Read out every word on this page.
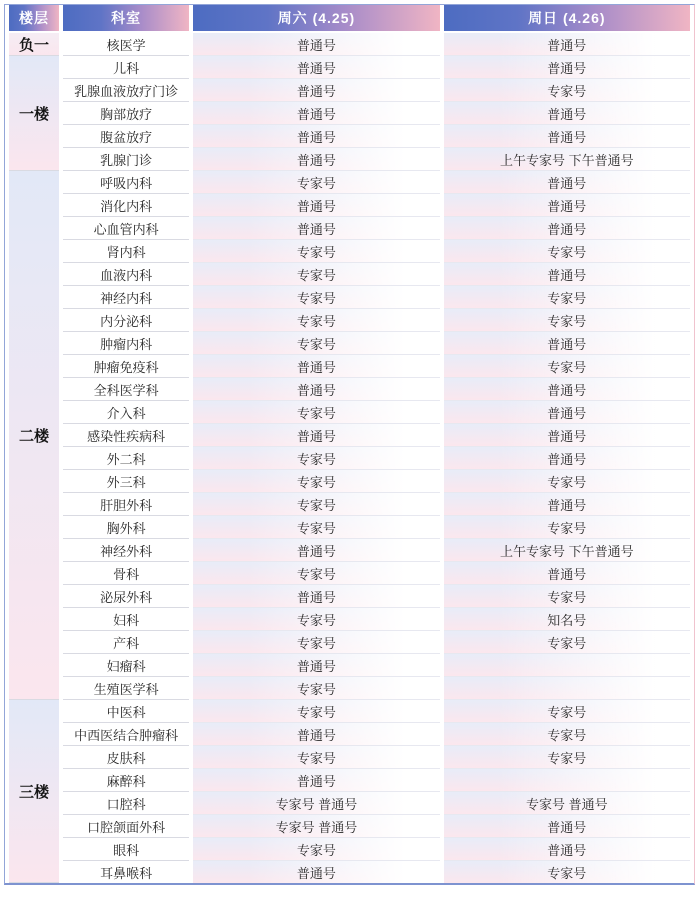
楼层	科室	周六 (4.25)	周日 (4.26)
负一	核医学	普通号	普通号
一楼	儿科	普通号	普通号
	乳腺血液放疗门诊	普通号	专家号
	胸部放疗	普通号	普通号
	腹盆放疗	普通号	普通号
	乳腺门诊	普通号	上午专家号 下午普通号
二楼	呼吸内科	专家号	普通号
	消化内科	普通号	普通号
	心血管内科	普通号	普通号
	肾内科	专家号	专家号
	血液内科	专家号	普通号
	神经内科	专家号	专家号
	内分泌科	专家号	专家号
	肿瘤内科	专家号	普通号
	肿瘤免疫科	普通号	专家号
	全科医学科	普通号	普通号
	介入科	专家号	普通号
	感染性疾病科	普通号	普通号
	外二科	专家号	普通号
	外三科	专家号	专家号
	肝胆外科	专家号	普通号
	胸外科	专家号	专家号
	神经外科	普通号	上午专家号 下午普通号
	骨科	专家号	普通号
	泌尿外科	普通号	专家号
	妇科	专家号	知名号
	产科	专家号	专家号
	妇瘤科	普通号	
	生殖医学科	专家号	
三楼	中医科	专家号	专家号
	中西医结合肿瘤科	普通号	专家号
	皮肤科	专家号	专家号
	麻醉科	普通号	
	口腔科	专家号 普通号	专家号 普通号
	口腔颌面外科	专家号 普通号	普通号
	眼科	专家号	普通号
	耳鼻喉科	普通号	专家号
